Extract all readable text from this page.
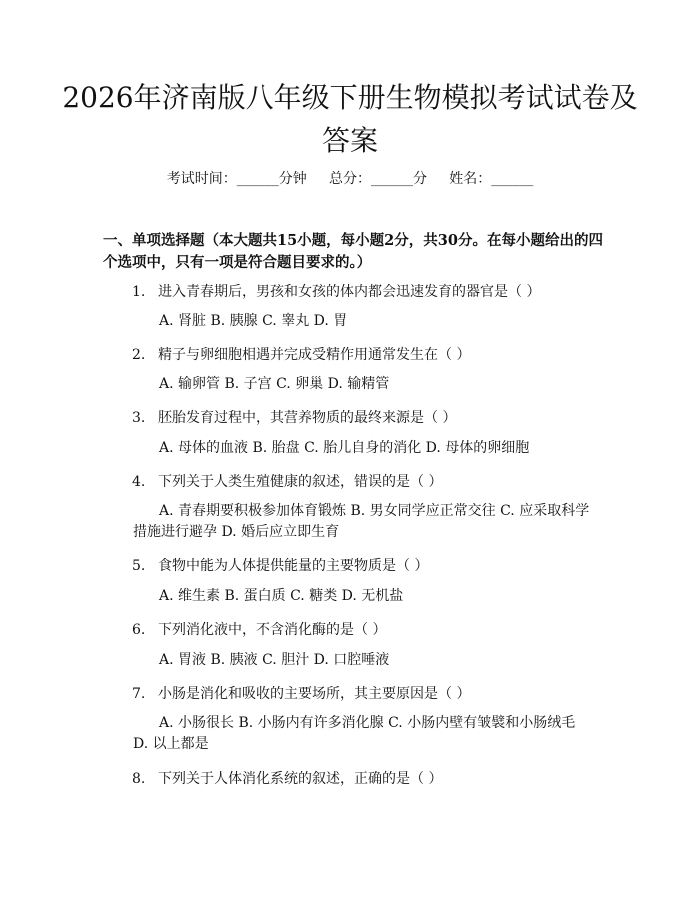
2026年济南版八年级下册生物模拟考试试卷及答案
考试时间：______分钟     总分：______分     姓名：______

一、单项选择题（本大题共15小题，每小题2分，共30分。在每小题给出的四个选项中，只有一项是符合题目要求的。）

1. 进入青春期后，男孩和女孩的体内都会迅速发育的器官是（ ）
A. 肾脏 B. 胰腺 C. 睾丸 D. 胃
2. 精子与卵细胞相遇并完成受精作用通常发生在（ ）
A. 输卵管 B. 子宫 C. 卵巢 D. 输精管
3. 胚胎发育过程中，其营养物质的最终来源是（ ）
A. 母体的血液 B. 胎盘 C. 胎儿自身的消化 D. 母体的卵细胞
4. 下列关于人类生殖健康的叙述，错误的是（ ）
A. 青春期要积极参加体育锻炼 B. 男女同学应正常交往 C. 应采取科学措施进行避孕 D. 婚后应立即生育
5. 食物中能为人体提供能量的主要物质是（ ）
A. 维生素 B. 蛋白质 C. 糖类 D. 无机盐
6. 下列消化液中，不含消化酶的是（ ）
A. 胃液 B. 胰液 C. 胆汁 D. 口腔唾液
7. 小肠是消化和吸收的主要场所，其主要原因是（ ）
A. 小肠很长 B. 小肠内有许多消化腺 C. 小肠内壁有皱襞和小肠绒毛 D. 以上都是
8. 下列关于人体消化系统的叙述，正确的是（ ）
